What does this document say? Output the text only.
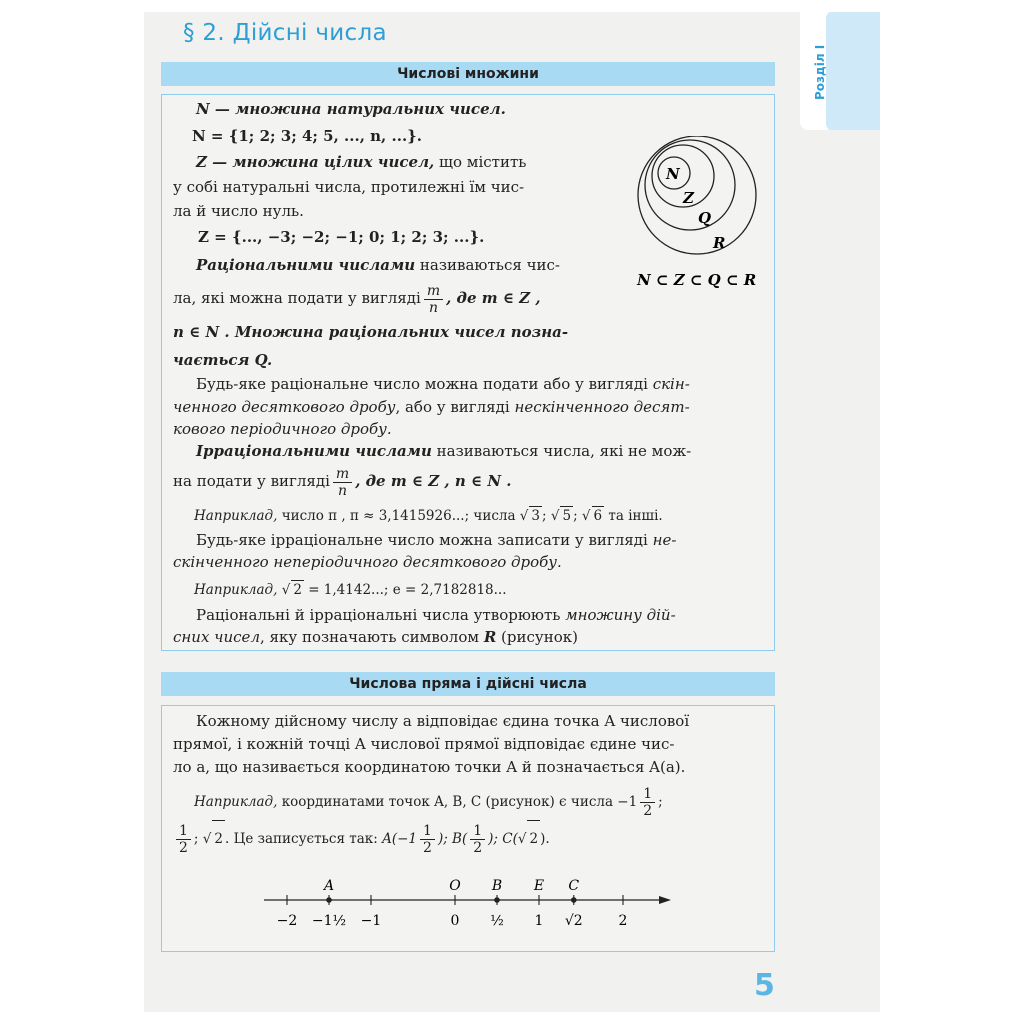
Розділ І
§ 2. Дійсні числа
Числові множини
N — множина натуральних чисел.
N = {1; 2; 3; 4; 5, ..., n, ...}.
Z — множина цілих чисел, що містить
у собі натуральні числа, протилежні їм чис-
ла й число нуль.
Z = {..., −3; −2; −1; 0; 1; 2; 3; ...}.
Раціональними числами називаються чис-
ла, які можна подати у вигляді $\frac{m}{n}$ , де m ∈ Z ,
n ∈ N . Множина раціональних чисел позна-
чається Q.
Будь-яке раціональне число можна подати або у вигляді скін-
ченного десяткового дробу, або у вигляді нескінченного десят-
кового періодичного дробу.
Ірраціональними числами називаються числа, які не мож-
на подати у вигляді $\frac{m}{n}$ , де m ∈ Z , n ∈ N .
Наприклад, число π , π ≈ 3,1415926...; числа √ 3 ; √ 5 ; √ 6 та інші.
Будь-яке ірраціональне число можна записати у вигляді не-
скінченного неперіодичного десяткового дробу.
Наприклад, √ 2 = 1,4142...; e = 2,7182818...
Раціональні й ірраціональні числа утворюють множину дій-
сних чисел, яку позначають символом R (рисунок)
N
Z
Q
R
N ⊂ Z ⊂ Q ⊂ R
Числова пряма і дійсні числа
Кожному дійсному числу a відповідає єдина точка A числової
прямої, і кожній точці A числової прямої відповідає єдине чис-
ло a, що називається координатою точки A й позначається A(a).
Наприклад, координатами точок A, B, C (рисунок) є числа $-1 \frac{1}{2}$ ;
$\frac{1}{2}$ ; √ 2 . Це записується так: $A(-1 \frac{1}{2}$ ); $B( \frac{1}{2}$ ); C(√ 2 ).
−2 −1½ −1	0 ½ 1 √2	2
A	O B E C
5
